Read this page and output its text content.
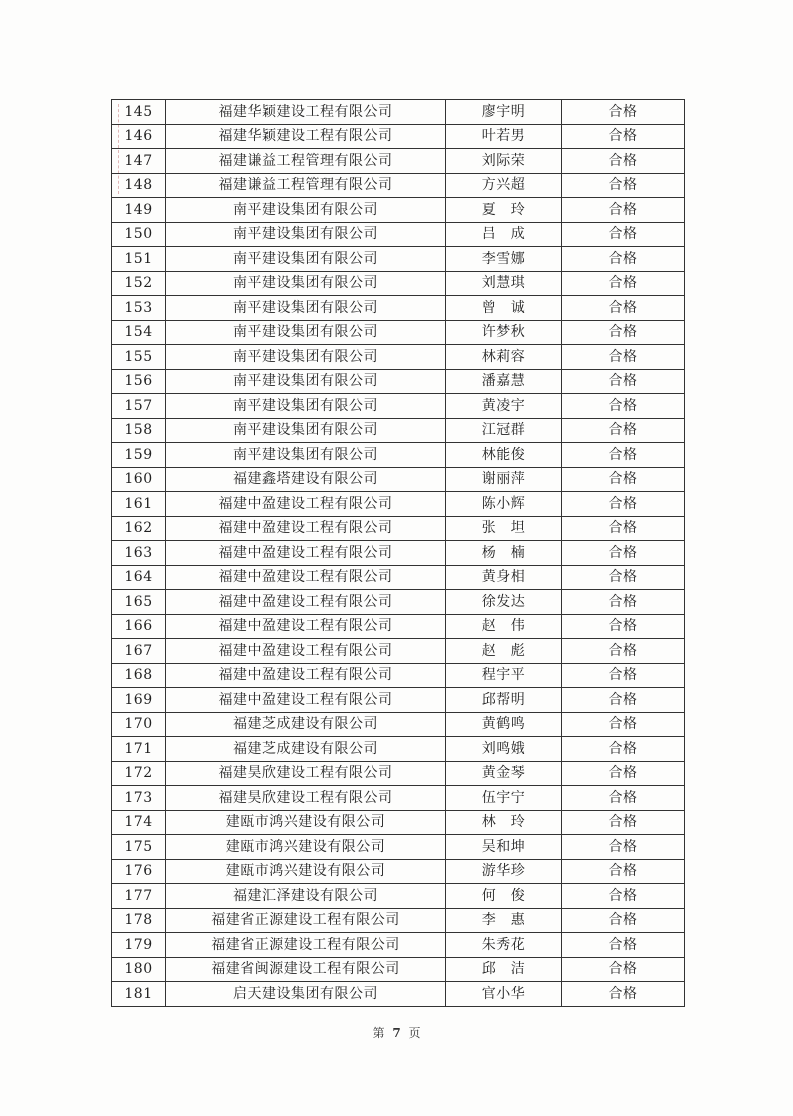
145	福建华颖建设工程有限公司	廖宇明	合格
146	福建华颖建设工程有限公司	叶若男	合格
147	福建谦益工程管理有限公司	刘际荣	合格
148	福建谦益工程管理有限公司	方兴超	合格
149	南平建设集团有限公司	夏　玲	合格
150	南平建设集团有限公司	吕　成	合格
151	南平建设集团有限公司	李雪娜	合格
152	南平建设集团有限公司	刘慧琪	合格
153	南平建设集团有限公司	曾　诚	合格
154	南平建设集团有限公司	许梦秋	合格
155	南平建设集团有限公司	林莉容	合格
156	南平建设集团有限公司	潘嘉慧	合格
157	南平建设集团有限公司	黄凌宇	合格
158	南平建设集团有限公司	江冠群	合格
159	南平建设集团有限公司	林能俊	合格
160	福建鑫塔建设有限公司	谢丽萍	合格
161	福建中盈建设工程有限公司	陈小辉	合格
162	福建中盈建设工程有限公司	张　坦	合格
163	福建中盈建设工程有限公司	杨　楠	合格
164	福建中盈建设工程有限公司	黄身相	合格
165	福建中盈建设工程有限公司	徐发达	合格
166	福建中盈建设工程有限公司	赵　伟	合格
167	福建中盈建设工程有限公司	赵　彪	合格
168	福建中盈建设工程有限公司	程宇平	合格
169	福建中盈建设工程有限公司	邱帮明	合格
170	福建芝成建设有限公司	黄鹤鸣	合格
171	福建芝成建设有限公司	刘鸣娥	合格
172	福建昊欣建设工程有限公司	黄金琴	合格
173	福建昊欣建设工程有限公司	伍宇宁	合格
174	建瓯市鸿兴建设有限公司	林　玲	合格
175	建瓯市鸿兴建设有限公司	吴和坤	合格
176	建瓯市鸿兴建设有限公司	游华珍	合格
177	福建汇泽建设有限公司	何　俊	合格
178	福建省正源建设工程有限公司	李　惠	合格
179	福建省正源建设工程有限公司	朱秀花	合格
180	福建省闽源建设工程有限公司	邱　洁	合格
181	启天建设集团有限公司	官小华	合格
第 7 页
